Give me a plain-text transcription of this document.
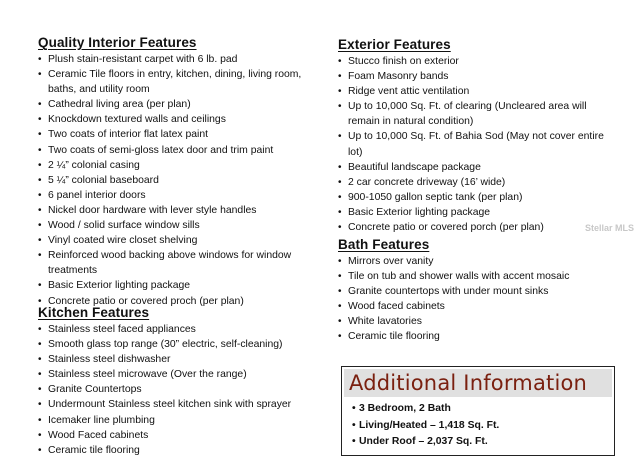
Quality Interior Features
• Plush stain-resistant carpet with 6 lb. pad
• Ceramic Tile floors in entry, kitchen, dining, living room, baths, and utility room
• Cathedral living area (per plan)
• Knockdown textured walls and ceilings
• Two coats of interior flat latex paint
• Two coats of semi-gloss latex door and trim paint
• 2 ¼” colonial casing
• 5 ¼” colonial baseboard
• 6 panel interior doors
• Nickel door hardware with lever style handles
• Wood / solid surface window sills
• Vinyl coated wire closet shelving
• Reinforced wood backing above windows for window treatments
• Basic Exterior lighting package
• Concrete patio or covered proch (per plan)
Kitchen Features
• Stainless steel faced appliances
• Smooth glass top range (30” electric, self-cleaning)
• Stainless steel dishwasher
• Stainless steel microwave (Over the range)
• Granite Countertops
• Undermount Stainless steel kitchen sink with sprayer
• Icemaker line plumbing
• Wood Faced cabinets
• Ceramic tile flooring
Exterior Features
• Stucco finish on exterior
• Foam Masonry bands
• Ridge vent attic ventilation
• Up to 10,000 Sq. Ft. of clearing (Uncleared area will remain in natural condition)
• Up to 10,000 Sq. Ft. of Bahia Sod (May not cover entire lot)
• Beautiful landscape package
• 2 car concrete driveway (16’ wide)
• 900-1050 gallon septic tank (per plan)
• Basic Exterior lighting package
• Concrete patio or covered porch (per plan)
Bath Features
• Mirrors over vanity
• Tile on tub and shower walls with accent mosaic
• Granite countertops with under mount sinks
• Wood faced cabinets
• White lavatories
• Ceramic tile flooring
Stellar MLS
Additional Information
• 3 Bedroom, 2 Bath
• Living/Heated – 1,418 Sq. Ft.
• Under Roof – 2,037 Sq. Ft.
